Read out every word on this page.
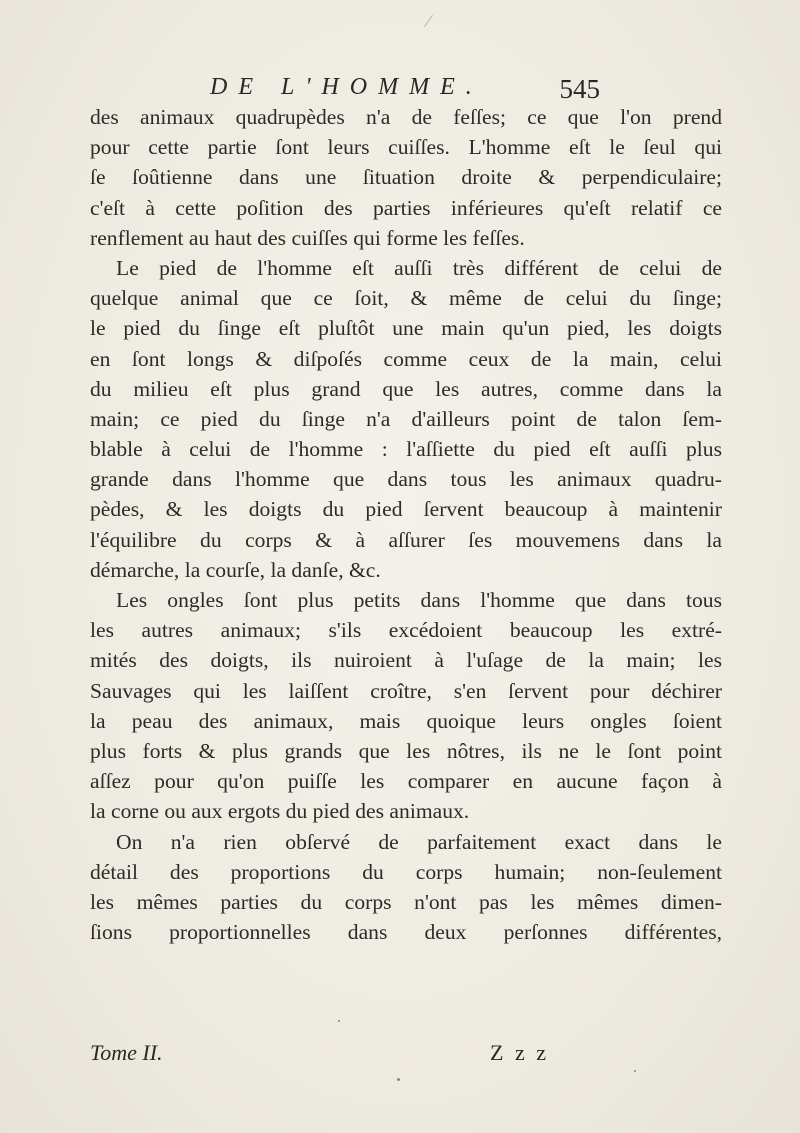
DE L'HOMME.	545
des animaux quadrupèdes n'a de feſſes; ce que l'on prend
pour cette partie ſont leurs cuiſſes. L'homme eſt le ſeul qui
ſe ſoûtienne dans une ſituation droite & perpendiculaire;
c'eſt à cette poſition des parties inférieures qu'eſt relatif ce
renflement au haut des cuiſſes qui forme les feſſes.
Le pied de l'homme eſt auſſi très différent de celui de
quelque animal que ce ſoit, & même de celui du ſinge;
le pied du ſinge eſt pluſtôt une main qu'un pied, les doigts
en ſont longs & diſpoſés comme ceux de la main, celui
du milieu eſt plus grand que les autres, comme dans la
main; ce pied du ſinge n'a d'ailleurs point de talon ſem-
blable à celui de l'homme : l'aſſiette du pied eſt auſſi plus
grande dans l'homme que dans tous les animaux quadru-
pèdes, & les doigts du pied ſervent beaucoup à maintenir
l'équilibre du corps & à aſſurer ſes mouvemens dans la
démarche, la courſe, la danſe, &c.
Les ongles ſont plus petits dans l'homme que dans tous
les autres animaux; s'ils excédoient beaucoup les extré-
mités des doigts, ils nuiroient à l'uſage de la main; les
Sauvages qui les laiſſent croître, s'en ſervent pour déchirer
la peau des animaux, mais quoique leurs ongles ſoient
plus forts & plus grands que les nôtres, ils ne le ſont point
aſſez pour qu'on puiſſe les comparer en aucune façon à
la corne ou aux ergots du pied des animaux.
On n'a rien obſervé de parfaitement exact dans le
détail des proportions du corps humain; non-ſeulement
les mêmes parties du corps n'ont pas les mêmes dimen-
ſions proportionnelles dans deux perſonnes différentes,
Tome II.	Z z z
